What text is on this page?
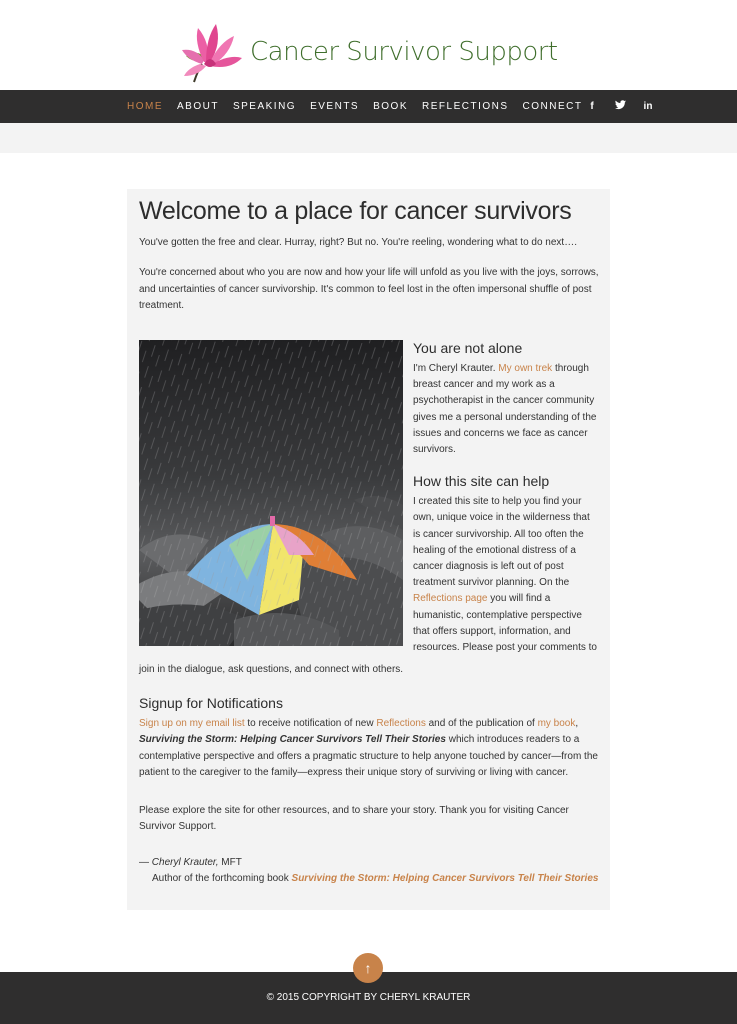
Cancer Survivor Support
HOME ABOUT SPEAKING EVENTS BOOK REFLECTIONS CONNECT f	in
Welcome to a place for cancer survivors
You've gotten the free and clear. Hurray, right? But no. You're reeling, wondering what to do next….
You're concerned about who you are now and how your life will unfold as you live with the joys, sorrows, and uncertainties of cancer survivorship. It's common to feel lost in the often impersonal shuffle of post treatment.
You are not alone

I'm Cheryl Krauter. My own trek through breast cancer and my work as a psychotherapist in the cancer community gives me a personal understanding of the issues and concerns we face as cancer survivors.

How this site can help

I created this site to help you find your own, unique voice in the wilderness that is cancer survivorship. All too often the healing of the emotional distress of a cancer diagnosis is left out of post treatment survivor planning. On the Reflections page you will find a humanistic, contemplative perspective that offers support, information, and resources. Please post your comments to

join in the dialogue, ask questions, and connect with others.
Signup for Notifications

Sign up on my email list to receive notification of new Reflections and of the publication of my book, Surviving the Storm: Helping Cancer Survivors Tell Their Stories which introduces readers to a contemplative perspective and offers a pragmatic structure to help anyone touched by cancer—from the patient to the caregiver to the family—express their unique story of surviving or living with cancer.

Please explore the site for other resources, and to share your story. Thank you for visiting Cancer Survivor Support.
— Cheryl Krauter, MFT
Author of the forthcoming book Surviving the Storm: Helping Cancer Survivors Tell Their Stories
© 2015 COPYRIGHT BY CHERYL KRAUTER
↑
